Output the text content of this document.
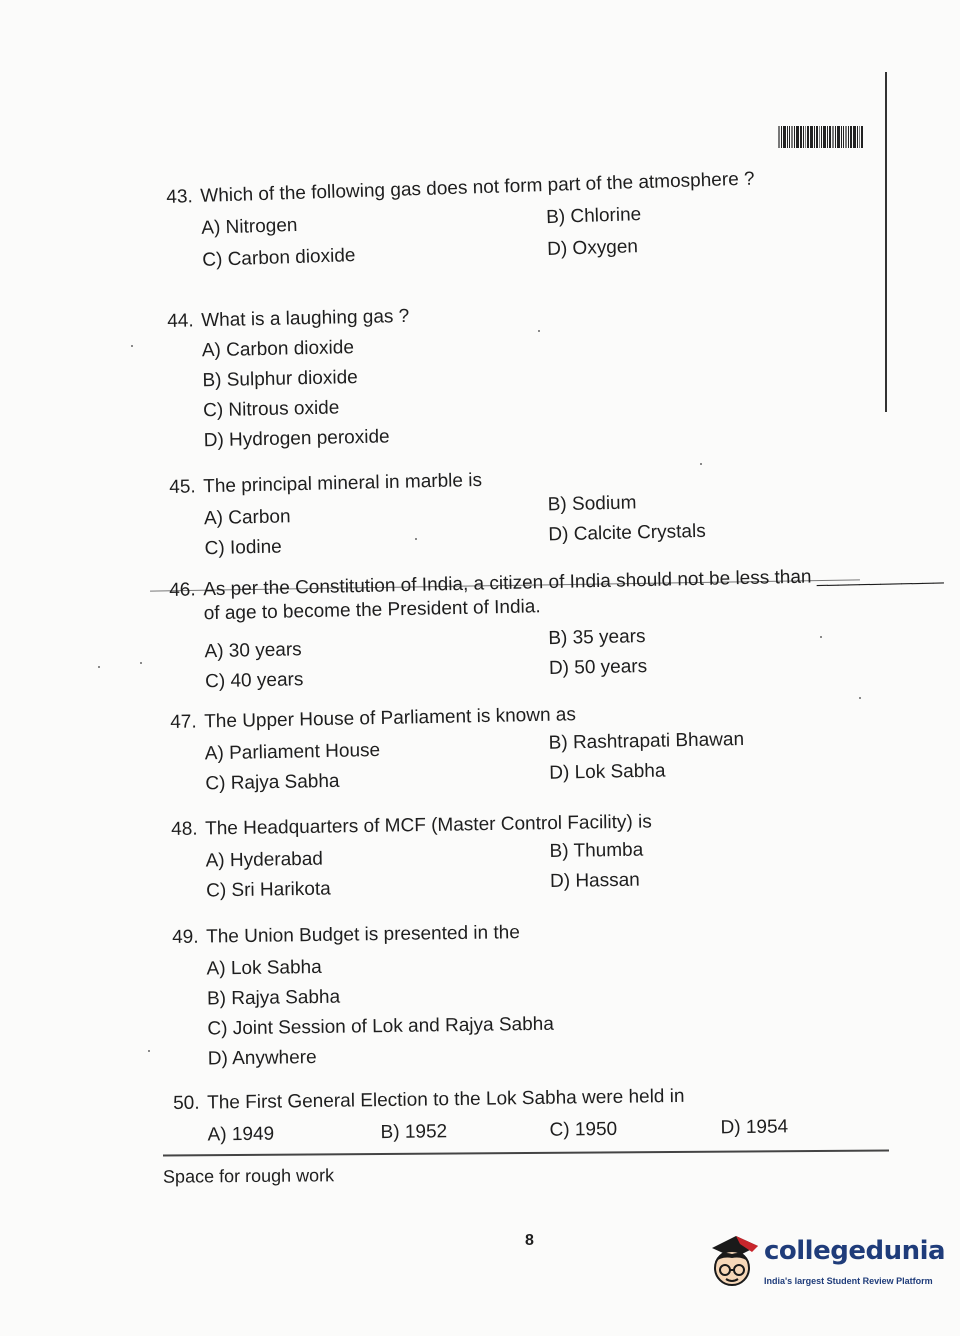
43. Which of the following gas does not form part of the atmosphere ?
A) Nitrogen	B) Chlorine
C) Carbon dioxide	D) Oxygen
44. What is a laughing gas ?
A) Carbon dioxide
B) Sulphur dioxide
C) Nitrous oxide
D) Hydrogen peroxide
45. The principal mineral in marble is
A) Carbon
B) Sodium
C) Iodine
D) Calcite Crystals
46. As per the Constitution of India, a citizen of India should not be less than ____________
of age to become the President of India.
A) 30 years
B) 35 years
C) 40 years
D) 50 years
47. The Upper House of Parliament is known as
A) Parliament House	B) Rashtrapati Bhawan
C) Rajya Sabha	D) Lok Sabha
48. The Headquarters of MCF (Master Control Facility) is
A) Hyderabad	B) Thumba
C) Sri Harikota	D) Hassan
49. The Union Budget is presented in the
A) Lok Sabha
B) Rajya Sabha
C) Joint Session of Lok and Rajya Sabha
D) Anywhere
50. The First General Election to the Lok Sabha were held in
A) 1949	B) 1952	C) 1950	D) 1954
Space for rough work
8	collegedunia
India's largest Student Review Platform
